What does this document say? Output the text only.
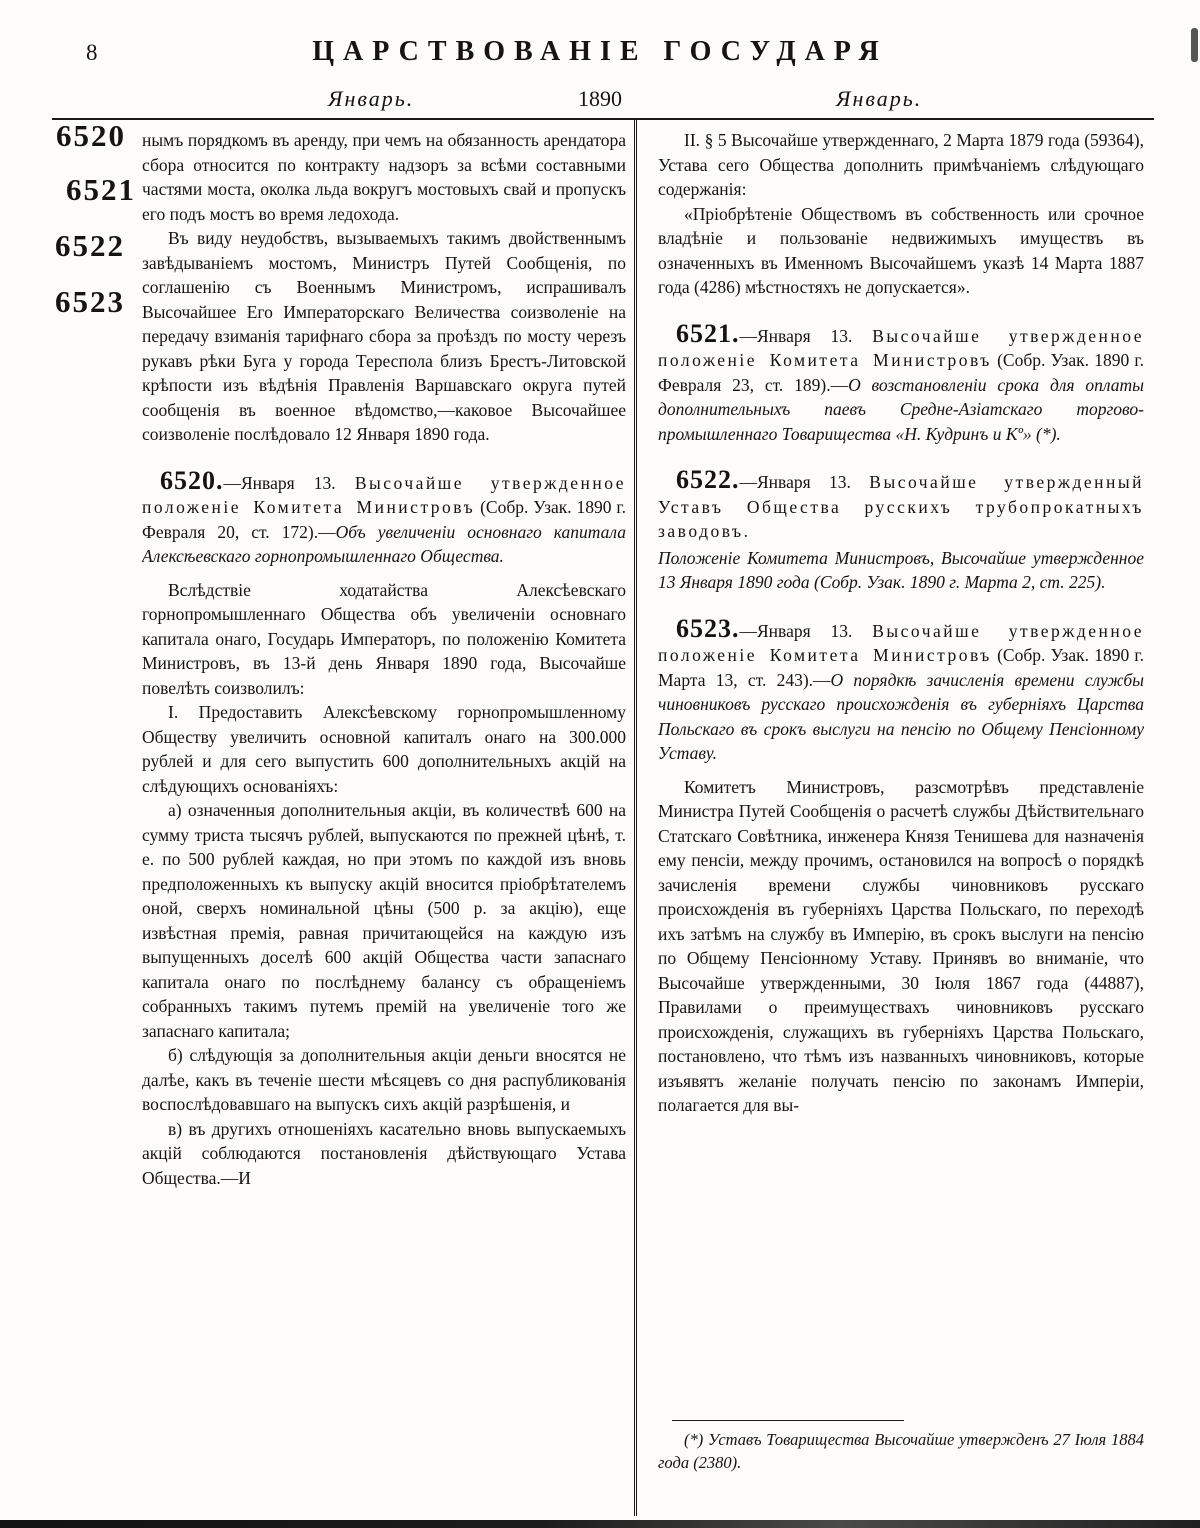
8	ЦАРСТВОВАНІЕ ГОСУДАРЯ
Январь.	1890	Январь.
6520
6521
6522
6523

нымъ порядкомъ въ аренду, при чемъ на обязанность арендатора сбора относится по контракту надзоръ за всѣми составными частями моста, околка льда вокругъ мостовыхъ свай и пропускъ его подъ мостъ во время ледохода.

Въ виду неудобствъ, вызываемыхъ такимъ двойственнымъ завѣдываніемъ мостомъ, Министръ Путей Сообщенія, по соглашенію съ Военнымъ Министромъ, испрашивалъ Высочайшее Его Императорскаго Величества соизволеніе на передачу взиманія тарифнаго сбора за проѣздъ по мосту черезъ рукавъ рѣки Буга у города Тереспола близъ Брестъ-Литовской крѣпости изъ вѣдѣнія Правленія Варшавскаго округа путей сообщенія въ военное вѣдомство,—каковое Высочайшее соизволеніе послѣдовало 12 Января 1890 года.

6520.—Января 13. Высочайше утвержденное положеніе Комитета Министровъ (Собр. Узак. 1890 г. Февраля 20, ст. 172).—Объ увеличеніи основнаго капитала Алексѣевскаго горнопромышленнаго Общества.

Вслѣдствіе ходатайства Алексѣевскаго горнопромышленнаго Общества объ увеличеніи основнаго капитала онаго, Государь Императоръ, по положенію Комитета Министровъ, въ 13-й день Января 1890 года, Высочайше повелѣть соизволилъ:

I. Предоставить Алексѣевскому горнопромышленному Обществу увеличить основной капиталъ онаго на 300.000 рублей и для сего выпустить 600 дополнительныхъ акцій на слѣдующихъ основаніяхъ:

а) означенныя дополнительныя акціи, въ количествѣ 600 на сумму триста тысячъ рублей, выпускаются по прежней цѣнѣ, т. е. по 500 рублей каждая, но при этомъ по каждой изъ вновь предположенныхъ къ выпуску акцій вносится пріобрѣтателемъ оной, сверхъ номинальной цѣны (500 р. за акцію), еще извѣстная премія, равная причитающейся на каждую изъ выпущенныхъ доселѣ 600 акцій Общества части запаснаго капитала онаго по послѣднему балансу съ обращеніемъ собранныхъ такимъ путемъ премій на увеличеніе того же запаснаго капитала;

б) слѣдующія за дополнительныя акціи деньги вносятся не далѣе, какъ въ теченіе шести мѣсяцевъ со дня распубликованія воспослѣдовавшаго на выпускъ сихъ акцій разрѣшенія, и

в) въ другихъ отношеніяхъ касательно вновь выпускаемыхъ акцій соблюдаются постановленія дѣйствующаго Устава Общества.—И

II. § 5 Высочайше утвержденнаго, 2 Марта 1879 года (59364), Устава сего Общества дополнить примѣчаніемъ слѣдующаго содержанія:

«Пріобрѣтеніе Обществомъ въ собственность или срочное владѣніе и пользованіе недвижимыхъ имуществъ въ означенныхъ въ Именномъ Высочайшемъ указѣ 14 Марта 1887 года (4286) мѣстностяхъ не допускается».

6521.—Января 13. Высочайше утвержденное положеніе Комитета Министровъ (Собр. Узак. 1890 г. Февраля 23, ст. 189).—О возстановленіи срока для оплаты дополнительныхъ паевъ Средне-Азіатскаго торгово-промышленнаго Товарищества «Н. Кудринъ и Кº» (*).

6522.—Января 13. Высочайше утвержденный Уставъ Общества русскихъ трубопрокатныхъ заводовъ.

Положеніе Комитета Министровъ, Высочайше утвержденное 13 Января 1890 года (Собр. Узак. 1890 г. Марта 2, ст. 225).

6523.—Января 13. Высочайше утвержденное положеніе Комитета Министровъ (Собр. Узак. 1890 г. Марта 13, ст. 243).—О порядкѣ зачисленія времени службы чиновниковъ русскаго происхожденія въ губерніяхъ Царства Польскаго въ срокъ выслуги на пенсію по Общему Пенсіонному Уставу.

Комитетъ Министровъ, разсмотрѣвъ представленіе Министра Путей Сообщенія о расчетѣ службы Дѣйствительнаго Статскаго Совѣтника, инженера Князя Тенишева для назначенія ему пенсіи, между прочимъ, остановился на вопросѣ о порядкѣ зачисленія времени службы чиновниковъ русскаго происхожденія въ губерніяхъ Царства Польскаго, по переходѣ ихъ затѣмъ на службу въ Имперію, въ срокъ выслуги на пенсію по Общему Пенсіонному Уставу. Принявъ во вниманіе, что Высочайше утвержденными, 30 Іюля 1867 года (44887), Правилами о преимуществахъ чиновниковъ русскаго происхожденія, служащихъ въ губерніяхъ Царства Польскаго, постановлено, что тѣмъ изъ названныхъ чиновниковъ, которые изъявятъ желаніе получать пенсію по законамъ Имперіи, полагается для вы-

(*) Уставъ Товарищества Высочайше утвержденъ 27 Іюля 1884 года (2380).
